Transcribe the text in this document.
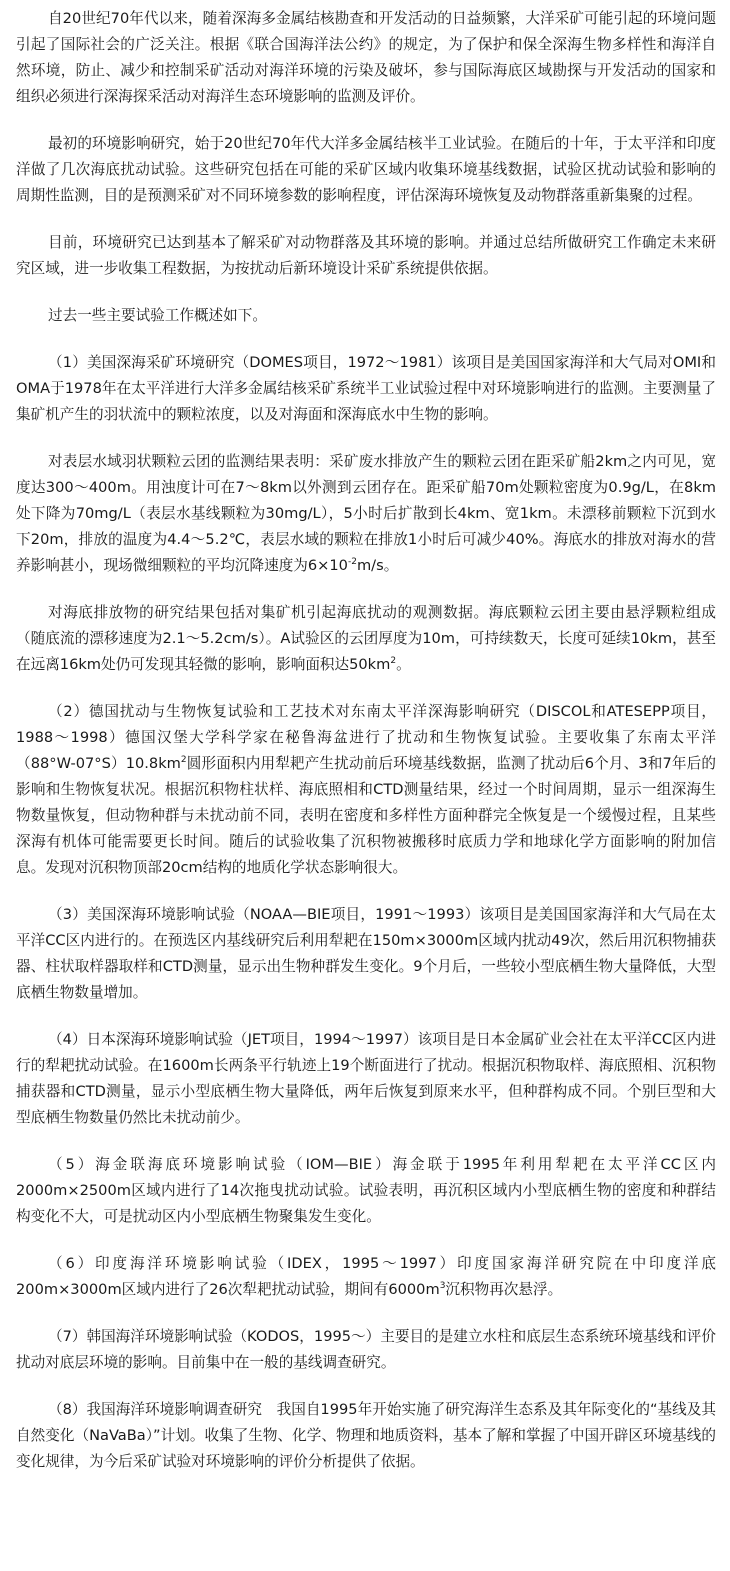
自20世纪70年代以来，随着深海多金属结核勘查和开发活动的日益频繁，大洋采矿可能引起的环境问题引起了国际社会的广泛关注。根据《联合国海洋法公约》的规定，为了保护和保全深海生物多样性和海洋自然环境，防止、减少和控制采矿活动对海洋环境的污染及破坏，参与国际海底区域勘探与开发活动的国家和组织必须进行深海探采活动对海洋生态环境影响的监测及评价。

最初的环境影响研究，始于20世纪70年代大洋多金属结核半工业试验。在随后的十年，于太平洋和印度洋做了几次海底扰动试验。这些研究包括在可能的采矿区域内收集环境基线数据，试验区扰动试验和影响的周期性监测，目的是预测采矿对不同环境参数的影响程度，评估深海环境恢复及动物群落重新集聚的过程。

目前，环境研究已达到基本了解采矿对动物群落及其环境的影响。并通过总结所做研究工作确定未来研究区域，进一步收集工程数据，为按扰动后新环境设计采矿系统提供依据。

过去一些主要试验工作概述如下。

（1）美国深海采矿环境研究（DOMES项目，1972～1981）该项目是美国国家海洋和大气局对OMI和OMA于1978年在太平洋进行大洋多金属结核采矿系统半工业试验过程中对环境影响进行的监测。主要测量了集矿机产生的羽状流中的颗粒浓度，以及对海面和深海底水中生物的影响。

对表层水域羽状颗粒云团的监测结果表明：采矿废水排放产生的颗粒云团在距采矿船2km之内可见，宽度达300～400m。用浊度计可在7～8km以外测到云团存在。距采矿船70m处颗粒密度为0.9g/L，在8km处下降为70mg/L（表层水基线颗粒为30mg/L），5小时后扩散到长4km、宽1km。未漂移前颗粒下沉到水下20m，排放的温度为4.4～5.2℃，表层水域的颗粒在排放1小时后可减少40%。海底水的排放对海水的营养影响甚小，现场微细颗粒的平均沉降速度为$6\times 10^{-2}m/s$。

对海底排放物的研究结果包括对集矿机引起海底扰动的观测数据。海底颗粒云团主要由悬浮颗粒组成（随底流的漂移速度为2.1～5.2cm/s）。A试验区的云团厚度为10m，可持续数天，长度可延续10km，甚至在远离16km处仍可发现其轻微的影响，影响面积达$50km^2$。

（2）德国扰动与生物恢复试验和工艺技术对东南太平洋深海影响研究（DISCOL和ATESEPP项目，1988～1998）德国汉堡大学科学家在秘鲁海盆进行了扰动和生物恢复试验。主要收集了东南太平洋$(88^\circ W-07^\circ S)10.8km^2$圆形面积内用犁耙产生扰动前后环境基线数据，监测了扰动后6个月、3和7年后的影响和生物恢复状况。根据沉积物柱状样、海底照相和CTD测量结果，经过一个时间周期，显示一组深海生物数量恢复，但动物种群与未扰动前不同，表明在密度和多样性方面种群完全恢复是一个缓慢过程，且某些深海有机体可能需要更长时间。随后的试验收集了沉积物被搬移时底质力学和地球化学方面影响的附加信息。发现对沉积物顶部20cm结构的地质化学状态影响很大。

（3）美国深海环境影响试验（NOAA—BIE项目，1991～1993）该项目是美国国家海洋和大气局在太平洋CC区内进行的。在预选区内基线研究后利用犁耙在150m×3000m区域内扰动49次，然后用沉积物捕获器、柱状取样器取样和CTD测量，显示出生物种群发生变化。9个月后，一些较小型底栖生物大量降低，大型底栖生物数量增加。

（4）日本深海环境影响试验（JET项目，1994～1997）该项目是日本金属矿业会社在太平洋CC区内进行的犁耙扰动试验。在1600m长两条平行轨迹上19个断面进行了扰动。根据沉积物取样、海底照相、沉积物捕获器和CTD测量，显示小型底栖生物大量降低，两年后恢复到原来水平，但种群构成不同。个别巨型和大型底栖生物数量仍然比未扰动前少。

（5）海金联海底环境影响试验（IOM—BIE）海金联于1995年利用犁耙在太平洋CC区内2000m×2500m区域内进行了14次拖曳扰动试验。试验表明，再沉积区域内小型底栖生物的密度和种群结构变化不大，可是扰动区内小型底栖生物聚集发生变化。

（6）印度海洋环境影响试验（IDEX，1995～1997）印度国家海洋研究院在中印度洋底200m×3000m区域内进行了26次犁耙扰动试验，期间有$6000m^3$沉积物再次悬浮。

（7）韩国海洋环境影响试验（KODOS，1995～）主要目的是建立水柱和底层生态系统环境基线和评价扰动对底层环境的影响。目前集中在一般的基线调查研究。

（8）我国海洋环境影响调查研究　我国自1995年开始实施了研究海洋生态系及其年际变化的“基线及其自然变化（NaVaBa）”计划。收集了生物、化学、物理和地质资料，基本了解和掌握了中国开辟区环境基线的变化规律，为今后采矿试验对环境影响的评价分析提供了依据。
